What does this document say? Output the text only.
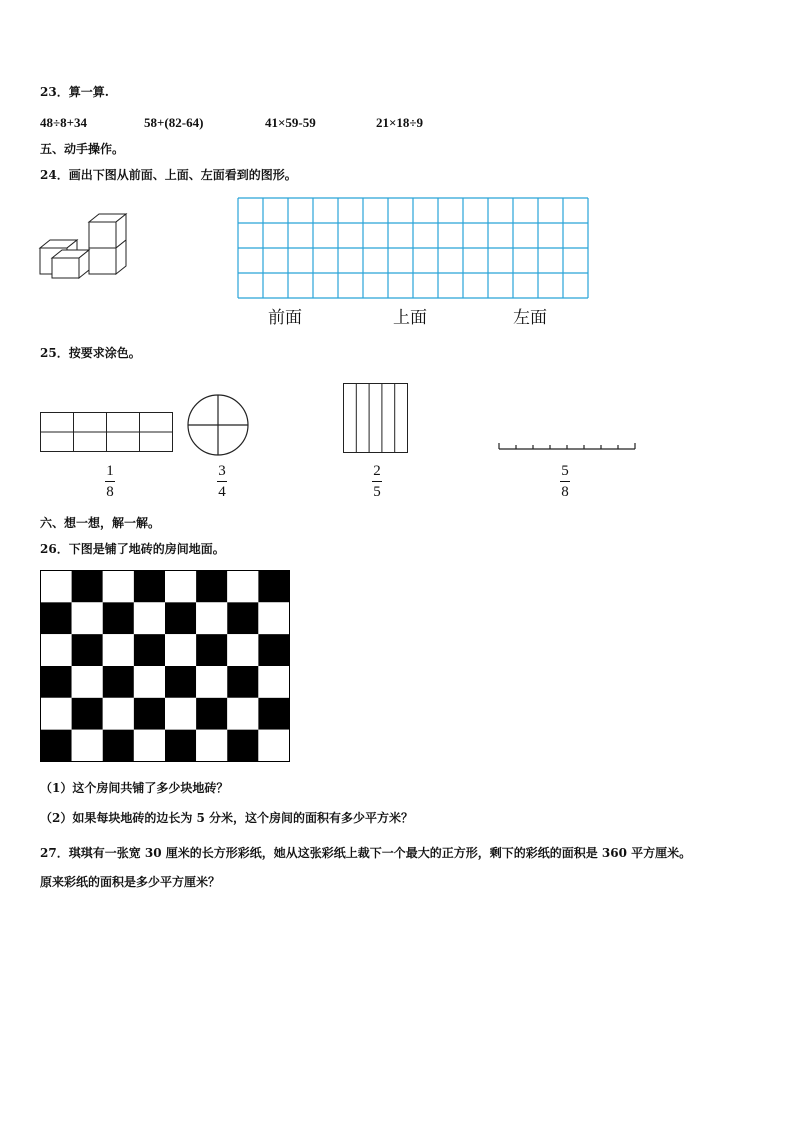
23．算一算.
48÷8+34	58+(82-64)	41×59-59	21×18÷9
五、动手操作。
24．画出下图从前面、上面、左面看到的图形。
前面	上面	左面
25．按要求涂色。
1
8
3
4
2
5
5
8
六、想一想，解一解。
26．下图是铺了地砖的房间地面。
（1）这个房间共铺了多少块地砖？
（2）如果每块地砖的边长为 5 分米，这个房间的面积有多少平方米？
27．琪琪有一张宽 30 厘米的长方形彩纸，她从这张彩纸上裁下一个最大的正方形，剩下的彩纸的面积是 360 平方厘米。
原来彩纸的面积是多少平方厘米？
